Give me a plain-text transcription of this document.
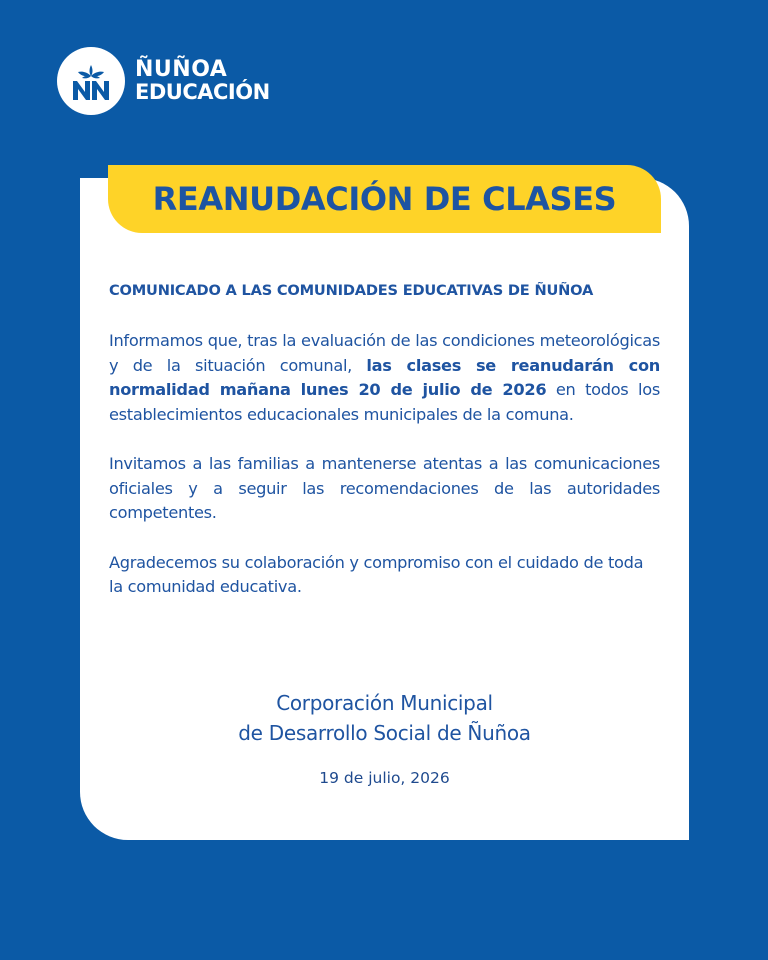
ÑUÑOA
EDUCACIÓN
REANUDACIÓN DE CLASES
COMUNICADO A LAS COMUNIDADES EDUCATIVAS DE ÑUÑOA

Informamos que, tras la evaluación de las condiciones meteorológicas y de la situación comunal, las clases se reanudarán con normalidad mañana lunes 20 de julio de 2026 en todos los establecimientos educacionales municipales de la comuna.

Invitamos a las familias a mantenerse atentas a las comunicaciones oficiales y a seguir las recomendaciones de las autoridades competentes.

Agradecemos su colaboración y compromiso con el cuidado de toda la comunidad educativa.

Corporación Municipal
de Desarrollo Social de Ñuñoa
19 de julio, 2026
